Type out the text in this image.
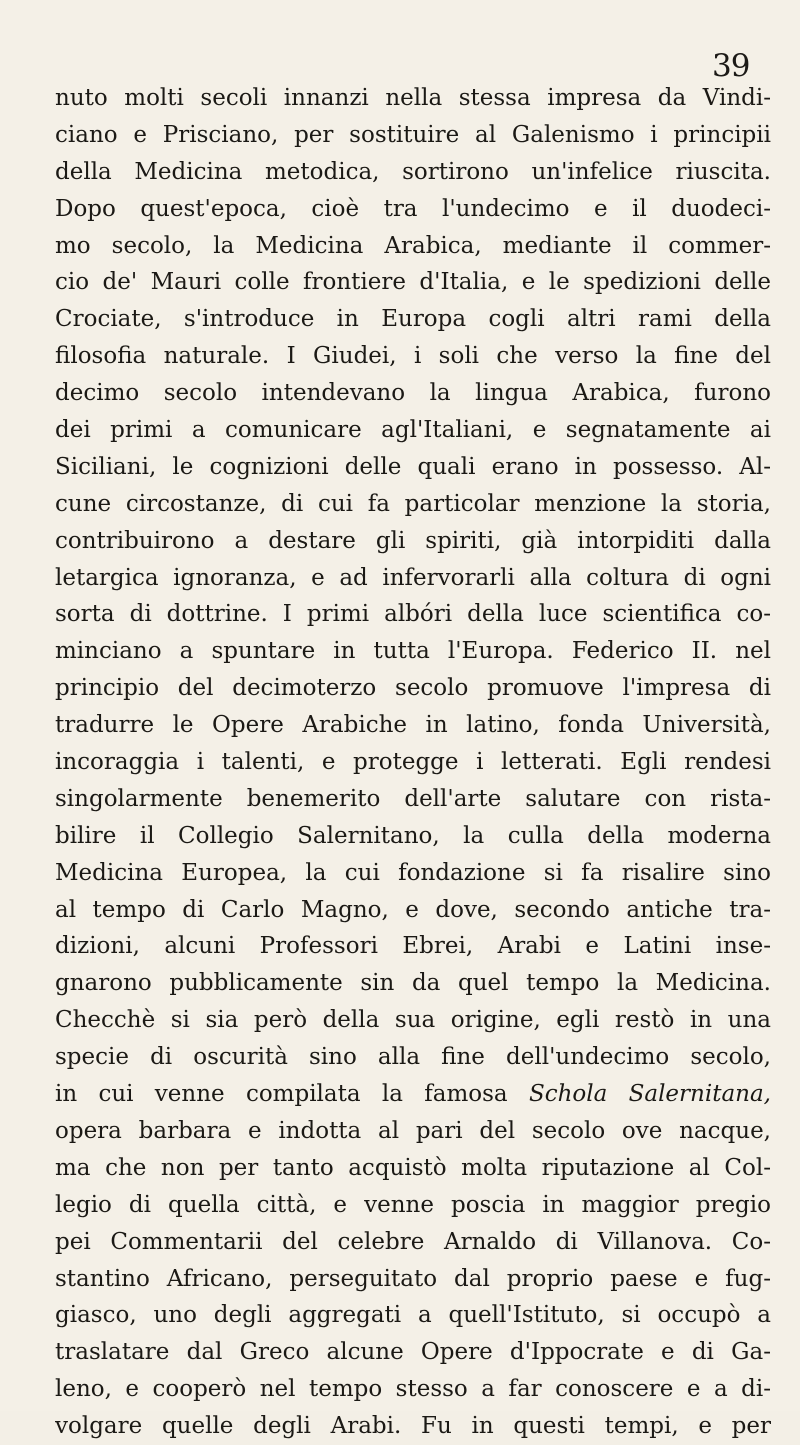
39
nuto molti secoli innanzi nella stessa impresa da Vindi-
ciano e Prisciano, per sostituire al Galenismo i principii
della Medicina metodica, sortirono un'infelice riuscita.
Dopo quest'epoca, cioè tra l'undecimo e il duodeci-
mo secolo, la Medicina Arabica, mediante il commer-
cio de' Mauri colle frontiere d'Italia, e le spedizioni delle
Crociate, s'introduce in Europa cogli altri rami della
filosofia naturale. I Giudei, i soli che verso la fine del
decimo secolo intendevano la lingua Arabica, furono
dei primi a comunicare agl'Italiani, e segnatamente ai
Siciliani, le cognizioni delle quali erano in possesso. Al-
cune circostanze, di cui fa particolar menzione la storia,
contribuirono a destare gli spiriti, già intorpiditi dalla
letargica ignoranza, e ad infervorarli alla coltura di ogni
sorta di dottrine. I primi albóri della luce scientifica co-
minciano a spuntare in tutta l'Europa. Federico II. nel
principio del decimoterzo secolo promuove l'impresa di
tradurre le Opere Arabiche in latino, fonda Università,
incoraggia i talenti, e protegge i letterati. Egli rendesi
singolarmente benemerito dell'arte salutare con rista-
bilire il Collegio Salernitano, la culla della moderna
Medicina Europea, la cui fondazione si fa risalire sino
al tempo di Carlo Magno, e dove, secondo antiche tra-
dizioni, alcuni Professori Ebrei, Arabi e Latini inse-
gnarono pubblicamente sin da quel tempo la Medicina.
Checchè si sia però della sua origine, egli restò in una
specie di oscurità sino alla fine dell'undecimo secolo,
in cui venne compilata la famosa Schola Salernitana,
opera barbara e indotta al pari del secolo ove nacque,
ma che non per tanto acquistò molta riputazione al Col-
legio di quella città, e venne poscia in maggior pregio
pei Commentarii del celebre Arnaldo di Villanova. Co-
stantino Africano, perseguitato dal proprio paese e fug-
giasco, uno degli aggregati a quell'Istituto, si occupò a
traslatare dal Greco alcune Opere d'Ippocrate e di Ga-
leno, e cooperò nel tempo stesso a far conoscere e a di-
volgare quelle degli Arabi. Fu in questi tempi, e per
